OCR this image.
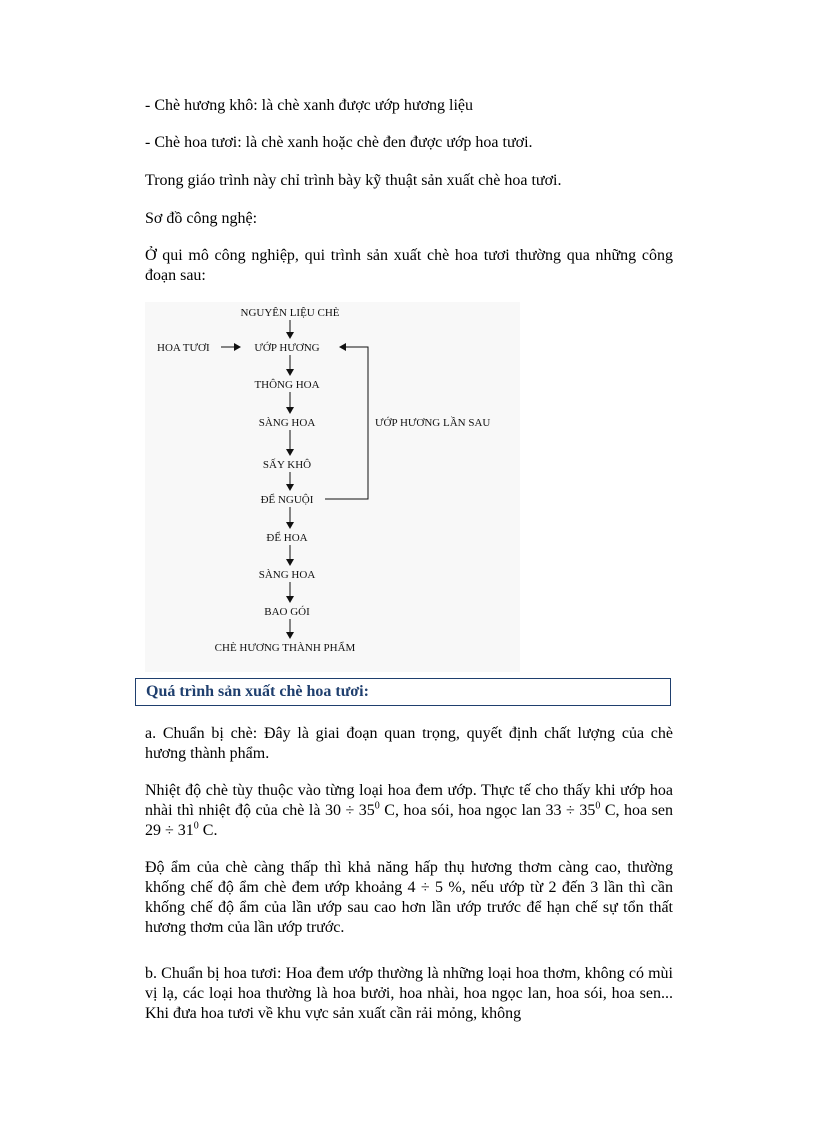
- Chè hương khô: là chè xanh được ướp hương liệu

- Chè hoa tươi: là chè xanh hoặc chè đen được ướp hoa tươi.

Trong giáo trình này chỉ trình bày kỹ thuật sản xuất chè hoa tươi.

Sơ đồ công nghệ:

Ở qui mô công nghiệp, qui trình sản xuất chè hoa tươi thường qua những công đoạn sau:

a. Chuẩn bị chè: Đây là giai đoạn quan trọng, quyết định chất lượng của chè hương thành phẩm.

Nhiệt độ chè tùy thuộc vào từng loại hoa đem ướp. Thực tế cho thấy khi ướp hoa nhài thì nhiệt độ của chè là $30 \div 35^0$ C, hoa sói, hoa ngọc lan $33 \div 35^0$ C, hoa sen $29 \div 31^0$ C.

Độ ẩm của chè càng thấp thì khả năng hấp thụ hương thơm càng cao, thường khống chế độ ẩm chè đem ướp khoảng 4 ÷ 5 %, nếu ướp từ 2 đến 3 lần thì cần khống chế độ ẩm của lần ướp sau cao hơn lần ướp trước để hạn chế sự tổn thất hương thơm của lần ướp trước.

b. Chuẩn bị hoa tươi: Hoa đem ướp thường là những loại hoa thơm, không có mùi vị lạ, các loại hoa thường là hoa bưởi, hoa nhài, hoa ngọc lan, hoa sói, hoa sen... Khi đưa hoa tươi về khu vực sản xuất cần rải mỏng, không

NGUYÊN LIỆU CHÈ
ƯỚP HƯƠNG
THÔNG HOA
SÀNG HOA
SẤY KHÔ
ĐỂ NGUỘI
ĐỂ HOA
SÀNG HOA
BAO GÓI
CHÈ HƯƠNG THÀNH PHẨM
HOA TƯƠI
ƯỚP HƯƠNG LẦN SAU
Quá trình sản xuất chè hoa tươi:
